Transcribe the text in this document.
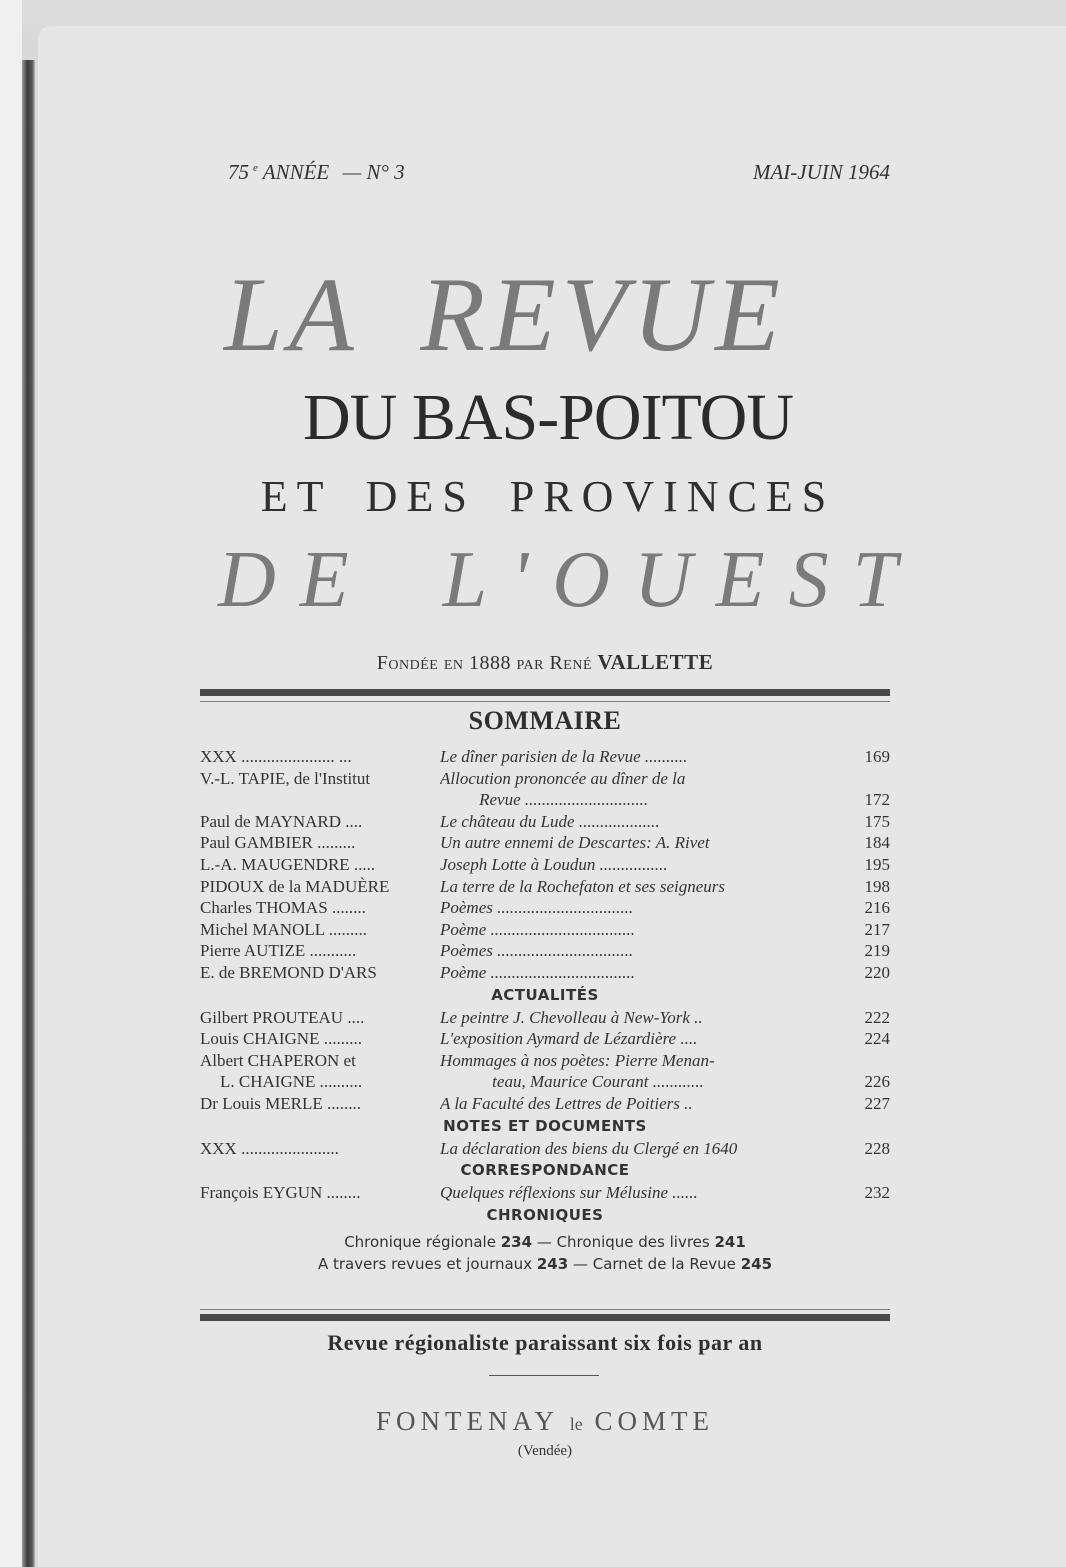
75 $^e$ ANNÉE — N° 3	MAI-JUIN 1964
LA REVUE
DU BAS-POITOU
ET DES PROVINCES
DE L'OUEST
Fondée en 1888 par René VALLETTE
SOMMAIRE
XXX ...................... ...	Le dîner parisien de la Revue ..........	169
V.-L. TAPIE, de l'Institut	Allocution prononcée au dîner de la
Revue .............................	172
Paul de MAYNARD ....	Le château du Lude ...................	175
Paul GAMBIER .........	Un autre ennemi de Descartes: A. Rivet	184
L.-A. MAUGENDRE .....	Joseph Lotte à Loudun ................	195
PIDOUX de la MADUÈRE	La terre de la Rochefaton et ses seigneurs	198
Charles THOMAS ........	Poèmes ................................	216
Michel MANOLL .........	Poème ..................................	217
Pierre AUTIZE ...........	Poèmes ................................	219
E. de BREMOND D'ARS	Poème ..................................	220
ACTUALITÉS
Gilbert PROUTEAU ....	Le peintre J. Chevolleau à New-York ..	222
Louis CHAIGNE .........	L'exposition Aymard de Lézardière ....	224
Albert CHAPERON et	Hommages à nos poètes: Pierre Menan-
L. CHAIGNE ..........	teau, Maurice Courant ............	226
Dr Louis MERLE ........	A la Faculté des Lettres de Poitiers ..	227
NOTES ET DOCUMENTS
XXX .......................	La déclaration des biens du Clergé en 1640	228
CORRESPONDANCE
François EYGUN ........	Quelques réflexions sur Mélusine ......	232
CHRONIQUES
Chronique régionale 234 — Chronique des livres 241
A travers revues et journaux 243 — Carnet de la Revue 245
Revue régionaliste paraissant six fois par an
FONTENAY le COMTE
(Vendée)
